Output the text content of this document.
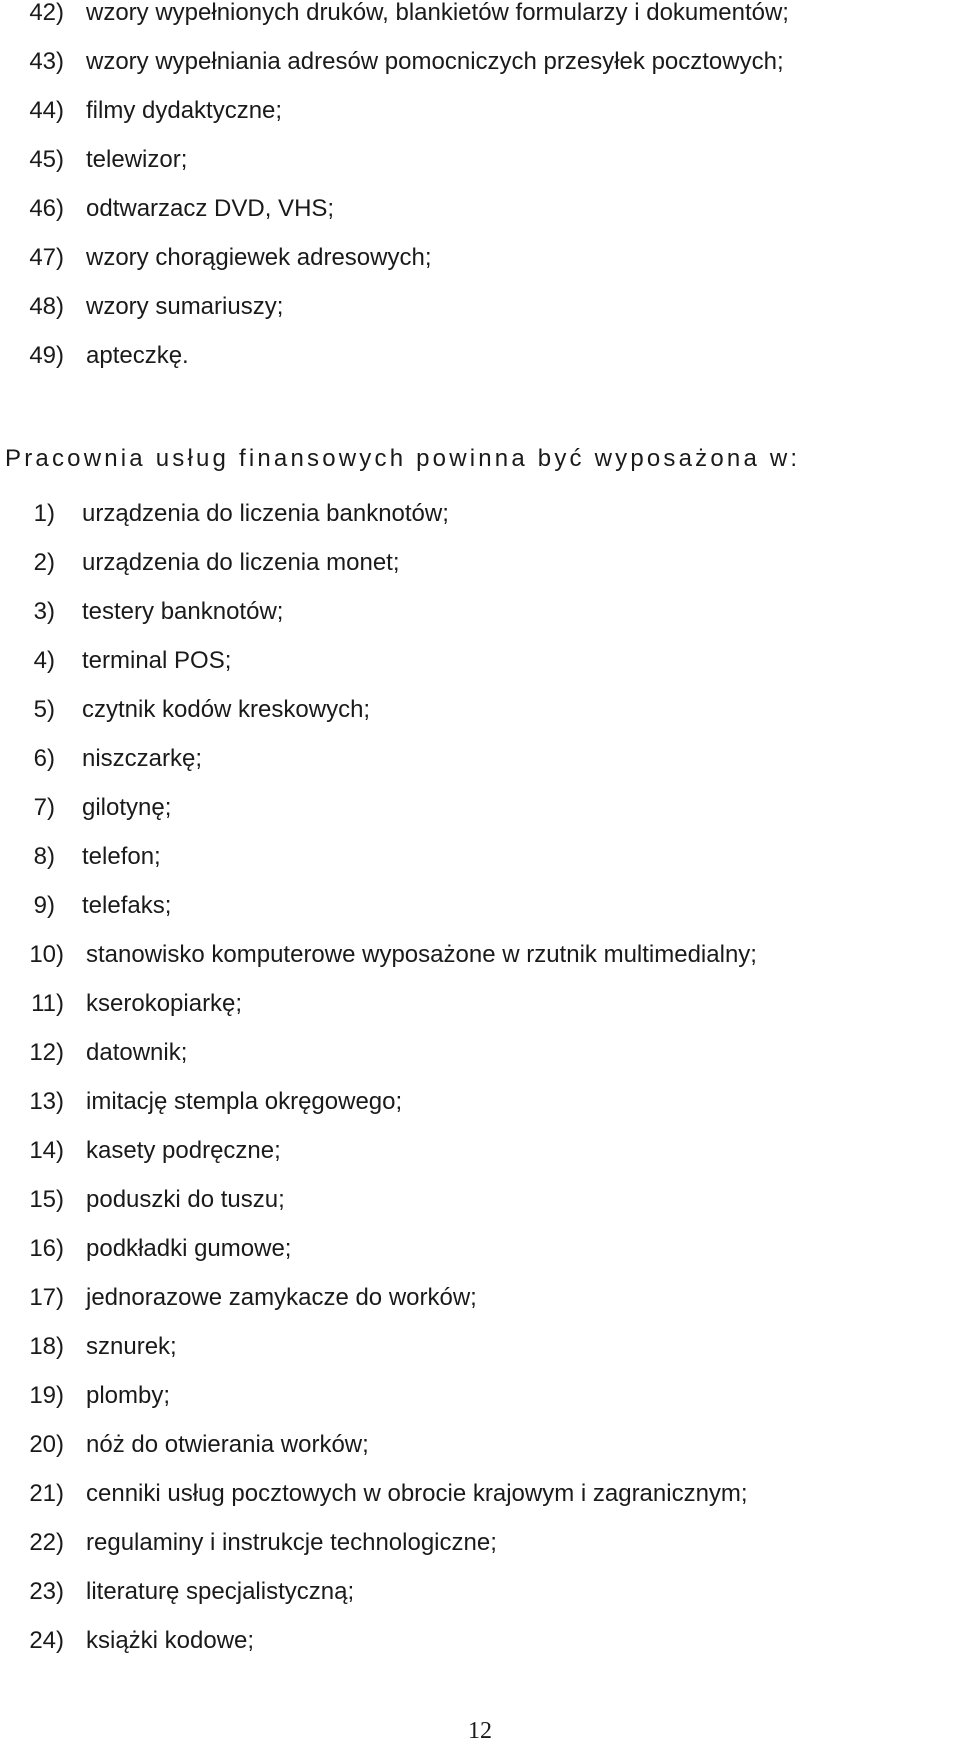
42) wzory wypełnionych druków, blankietów formularzy i dokumentów;
43) wzory wypełniania adresów pomocniczych przesyłek pocztowych;
44) filmy dydaktyczne;
45) telewizor;
46) odtwarzacz DVD, VHS;
47) wzory chorągiewek adresowych;
48) wzory sumariuszy;
49) apteczkę.
Pracownia usług finansowych powinna być wyposażona w:
1)	urządzenia do liczenia banknotów;
2)	urządzenia do liczenia monet;
3)	testery banknotów;
4)	terminal POS;
5)	czytnik kodów kreskowych;
6)	niszczarkę;
7)	gilotynę;
8)	telefon;
9)	telefaks;
10) stanowisko komputerowe wyposażone w rzutnik multimedialny;
11) kserokopiarkę;
12) datownik;
13) imitację stempla okręgowego;
14) kasety podręczne;
15) poduszki do tuszu;
16) podkładki gumowe;
17) jednorazowe zamykacze do worków;
18) sznurek;
19) plomby;
20) nóż do otwierania worków;
21) cenniki usług pocztowych w obrocie krajowym i zagranicznym;
22) regulaminy i instrukcje technologiczne;
23) literaturę specjalistyczną;
24) książki kodowe;
12
